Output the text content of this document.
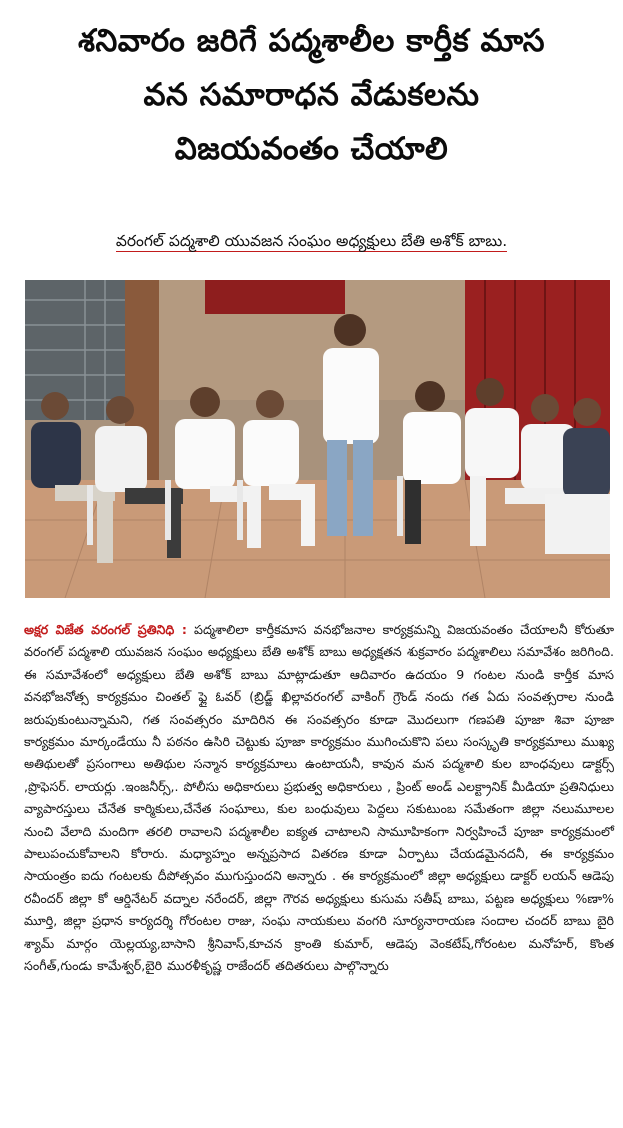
శనివారం జరిగే పద్మశాలీల కార్తీక మాస
వన సమారాధన వేడుకలను
విజయవంతం చేయాలి
వరంగల్ పద్మశాలి యువజన సంఘం అధ్యక్షులు బేతి అశోక్ బాబు.
అక్షర విజేత వరంగల్ ప్రతినిధి : పద్మశాలిలా కార్తీకమాస వనభోజనాల కార్యక్రమన్ని విజయవంతం చేయాలనీ కోరుతూ వరంగల్ పద్మశాలి యువజన సంఘం అధ్యక్షులు బేతి అశోక్ బాబు అధ్యక్షతన శుక్రవారం పద్మశాలిలు సమావేశం జరిగింది. ఈ సమావేశంలో అధ్యక్షులు బేతి అశోక్ బాబు మాట్లాడుతూ ఆదివారం ఉదయం 9 గంటల నుండి కార్తీక మాస వనభోజనోత్స కార్యక్రమం చింతల్ ఫ్లై ఓవర్ (బ్రిడ్జ్ ఖిల్లావరంగల్ వాకింగ్ గ్రౌండ్ నందు గత ఏదు సంవత్సరాల నుండి జరుపుకుంటున్నామని, గత సంవత్సరం మాదిరిన ఈ సంవత్సరం కూడా మొదలుగా గణపతి పూజా శివా పూజా కార్యక్రమం మార్కండేయు నీ పఠనం ఉసిరి చెట్టుకు పూజా కార్యక్రమం ముగించుకొని పలు సంస్కృతి కార్యక్రమాలు ముఖ్య అతిథులతో ప్రసంగాలు అతిథుల సన్మాన కార్యక్రమాలు ఉంటాయనీ, కావున మన పద్మశాలి కుల బాంధవులు డాక్టర్స్ ,ప్రొఫెసర్. లాయర్లు .ఇంజనీర్స్,. పోలీసు అధికారులు ప్రభుత్వ అధికారులు , ప్రింట్ అండ్ ఎలక్ట్రానిక్ మీడియా ప్రతినిధులు వ్యాపారస్తులు చేనేత కార్మికులు,చేనేత సంఘాలు, కుల బంధువులు పెద్దలు సకుటుంబ సమేతంగా జిల్లా నలుమూలల నుంచి వేలాది మందిగా తరలి రావాలని పద్మశాలీల ఐక్యత చాటాలని సామూహికంగా నిర్వహించే పూజా కార్యక్రమంలో పాలుపంచుకోవాలని కోరారు. మధ్యాహ్నం అన్నప్రసాద వితరణ కూడా ఏర్పాటు చేయడమైనదనీ, ఈ కార్యక్రమం సాయంత్రం ఐదు గంటలకు దీపోత్సవం ముగుస్తుందని అన్నారు . ఈ కార్యక్రమంలో జిల్లా అధ్యక్షులు డాక్టర్ లయన్ ఆడెపు రవీందర్ జిల్లా కో ఆర్డినేటర్ వద్నాల నరేందర్, జిల్లా గౌరవ అధ్యక్షులు కుసుమ సతీష్ బాబు, పట్టణ అధ్యక్షులు %ణా% మూర్తి, జిల్లా ప్రధాన కార్యదర్శి గోరంటల రాజు, సంఘ నాయకులు వంగరి సూర్యనారాయణ సందాల చందర్ బాబు బైరి శ్యామ్ మార్గం యెల్లయ్య,బాసాని శ్రీనివాస్,కూచన క్రాంతి కుమార్, ఆడెపు వెంకటేష్,గోరంటల మనోహర్, కొంత సంగీత్,గుండు కామేశ్వర్,బైరి మురళీకృష్ణ రాజేందర్ తదితరులు పాల్గొన్నారు
